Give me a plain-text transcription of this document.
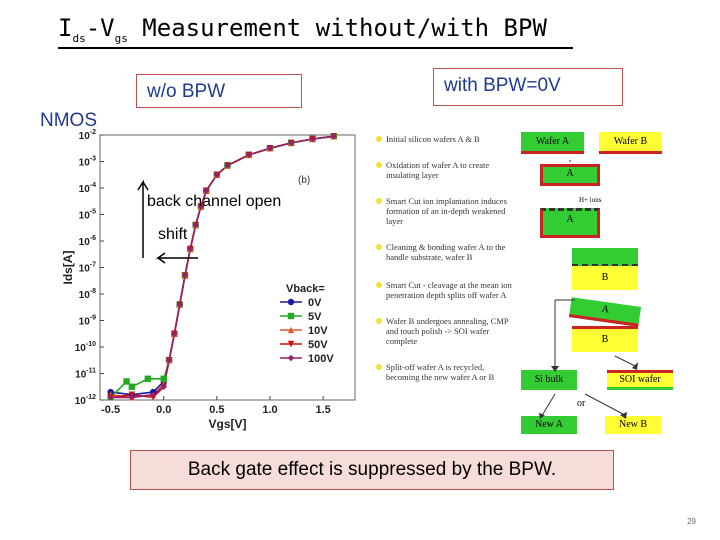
$I_{ds}-V_{gs}$ Measurement without/with BPW
w/o BPW	with BPW=0V
NMOS
-0.5	0.0	0.5	1.0	1.5
$10^{-2}$
$10^{-3}$
$10^{-4}$
$10^{-5}$
$10^{-6}$
$10^{-7}$
$10^{-8}$
$10^{-9}$
$10^{-10}$
$10^{-11}$
$10^{-12}$
Vgs[V]
Ids[A]
Vback=
0V
5V
10V
50V
100V
back channel open
shift
(b)
Initial silicon wafers A & B
Oxidation of wafer A to create insulating layer
Smart Cut ion implantation induces formation of an in-depth weakened layer
Cleaning & bonding wafer A to the handle substrate, wafer B
Smart Cut - cleavage at the mean ion penetration depth splits off wafer A
Wafer B undergoes annealing, CMP and touch polish -> SOI wafer complete
Split-off wafer A is recycled, becoming the new wafer A or B
Wafer A	Wafer B
A
H+ ions
A
B
A
B
Si bulk	SOI wafer
or
New A	New B
Back gate effect is suppressed by the BPW.
29
